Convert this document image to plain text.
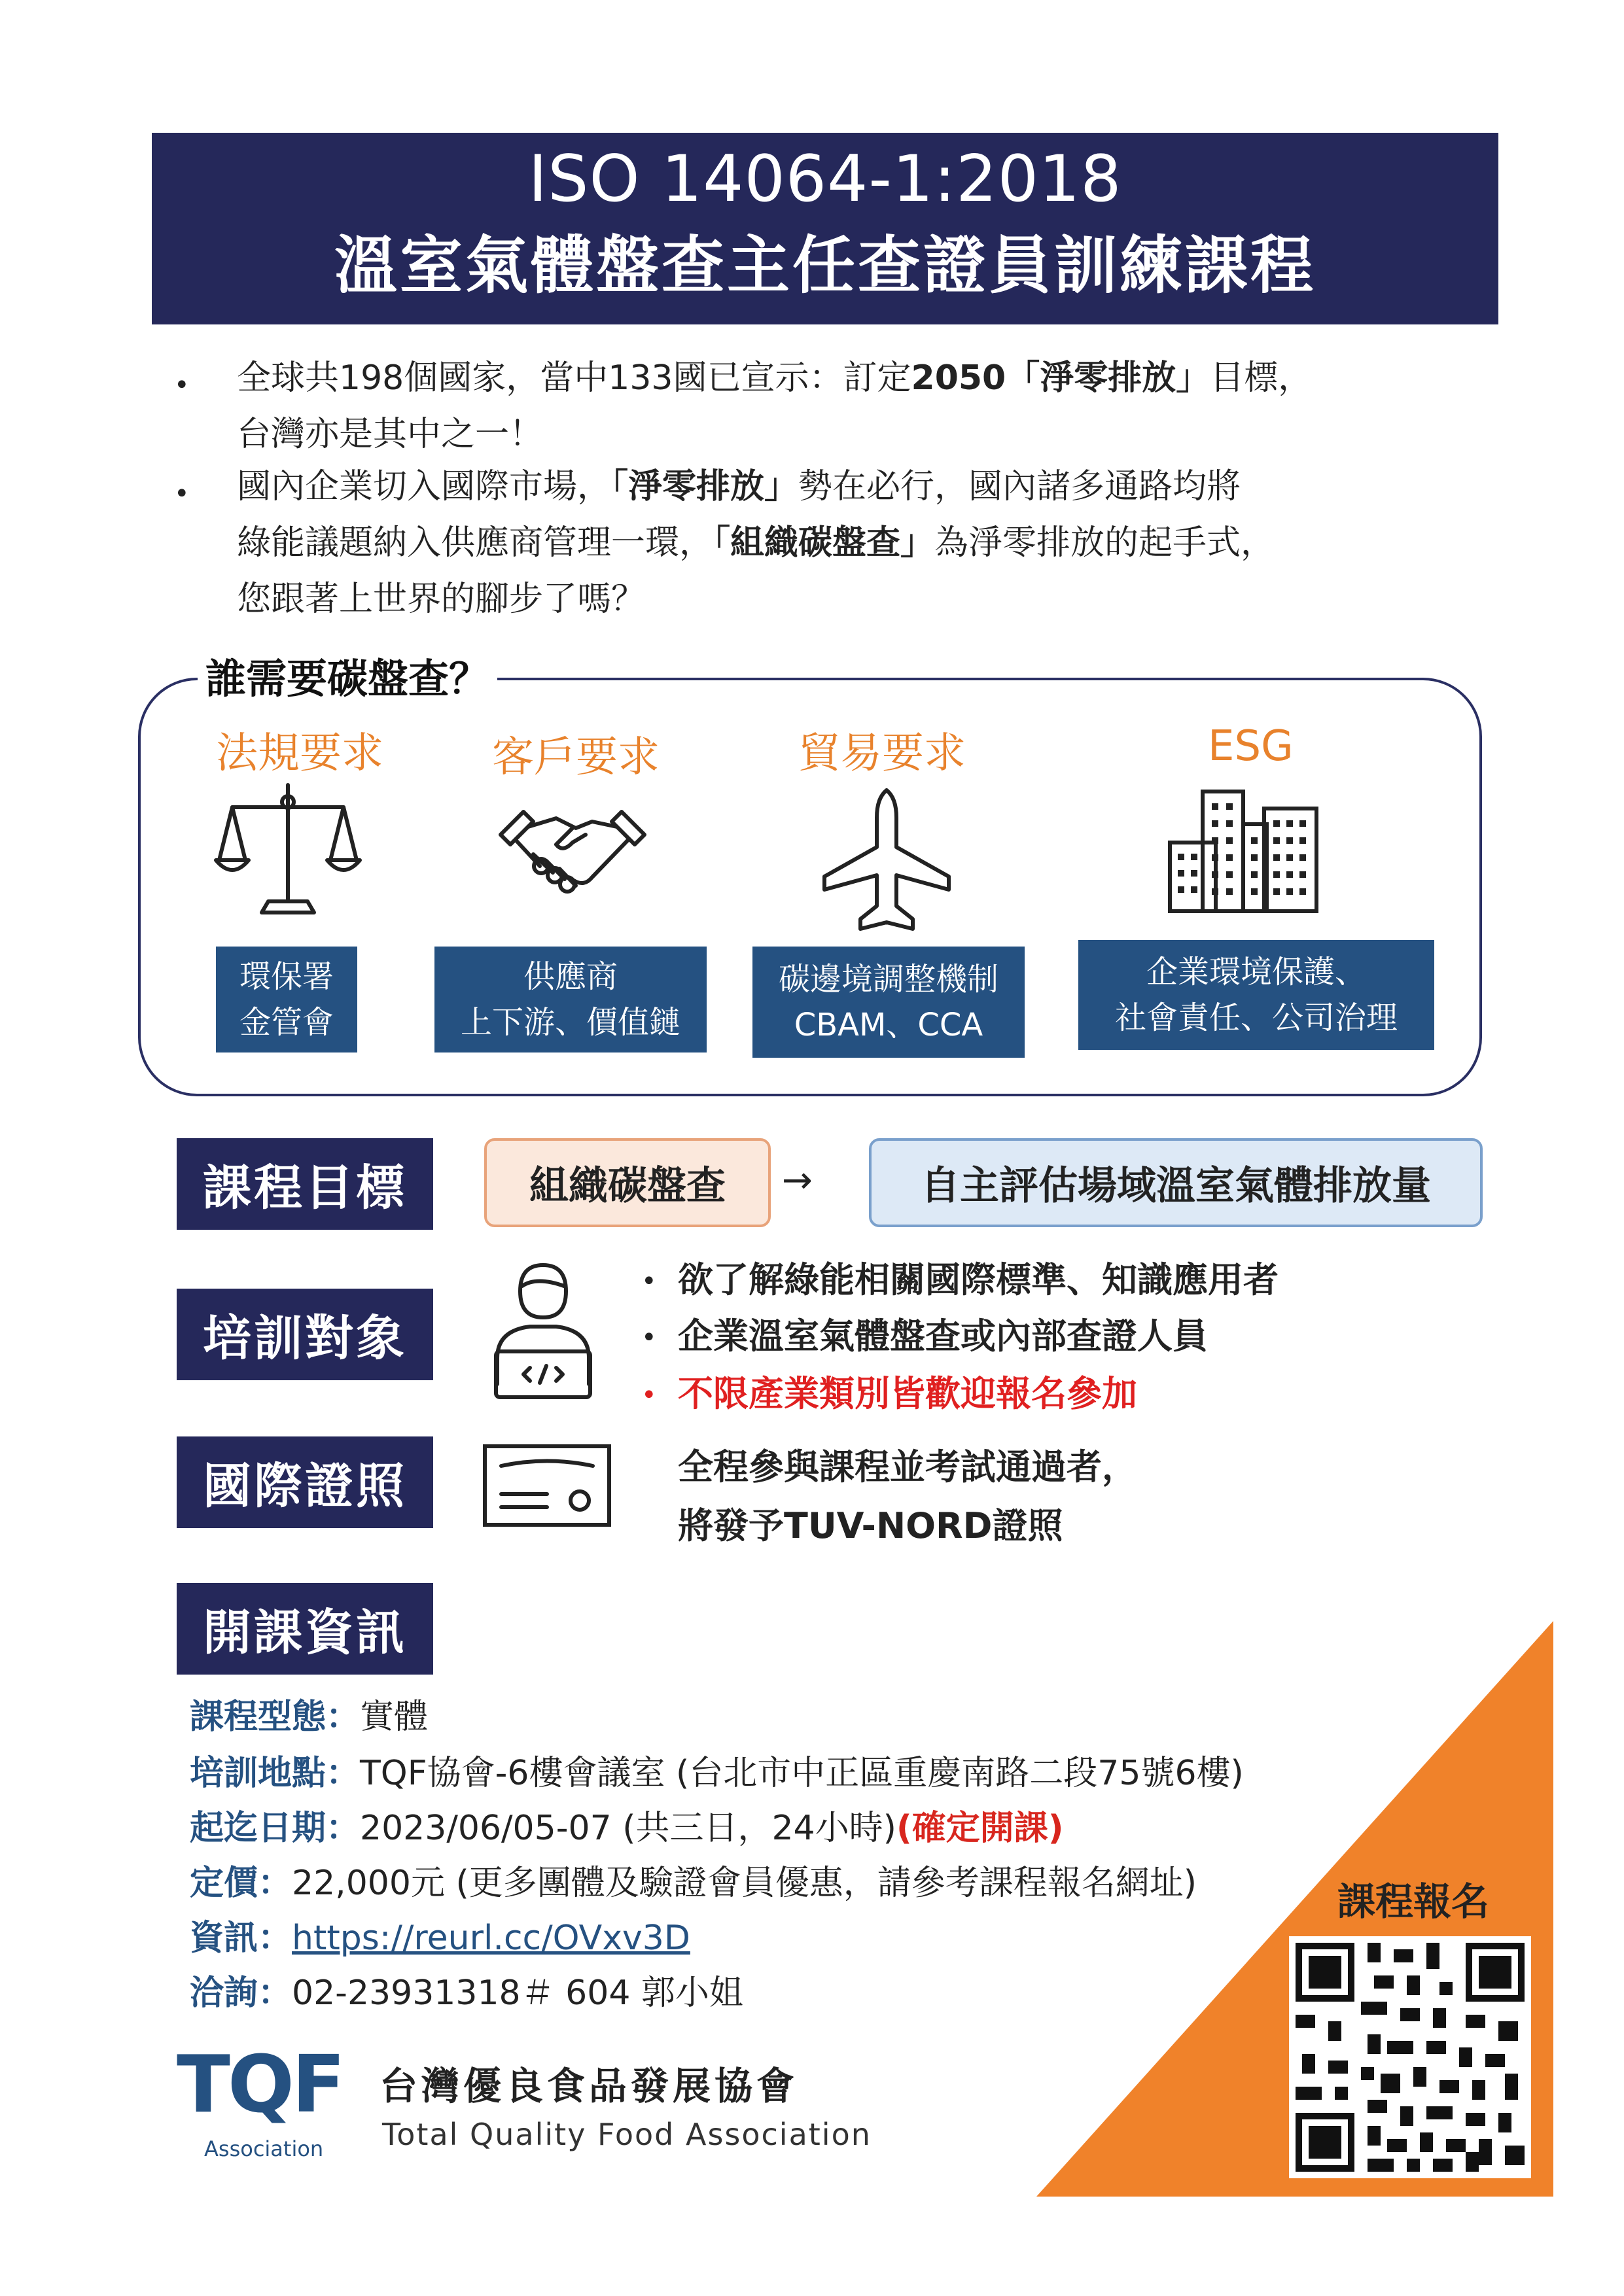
ISO 14064-1:2018
溫室氣體盤查主任查證員訓練課程
• 全球共198個國家，當中133國已宣示：訂定2050「淨零排放」目標，
台灣亦是其中之一！
• 國內企業切入國際市場，「淨零排放」勢在必行，國內諸多通路均將
綠能議題納入供應商管理一環，「組織碳盤查」為淨零排放的起手式，
您跟著上世界的腳步了嗎？
誰需要碳盤查？
法規要求	客戶要求	貿易要求	ESG
環保署
金管會
供應商
上下游、價值鏈
碳邊境調整機制
CBAM、CCA
企業環境保護、
社會責任、公司治理
課程目標	組織碳盤查	→	自主評估場域溫室氣體排放量
培訓對象
• 欲了解綠能相關國際標準、知識應用者
• 企業溫室氣體盤查或內部查證人員
• 不限產業類別皆歡迎報名參加
國際證照	全程參與課程並考試通過者，
將發予TUV-NORD證照
開課資訊
課程型態：實體
培訓地點：TQF協會-6樓會議室 (台北市中正區重慶南路二段75號6樓)
起迄日期：2023/06/05-07 (共三日，24小時)(確定開課)
定價：22,000元 (更多團體及驗證會員優惠，請參考課程報名網址)
資訊：https://reurl.cc/OVxv3D
洽詢：02-23931318＃ 604 郭小姐
課程報名
TQF
Association
台灣優良食品發展協會
Total Quality Food Association
